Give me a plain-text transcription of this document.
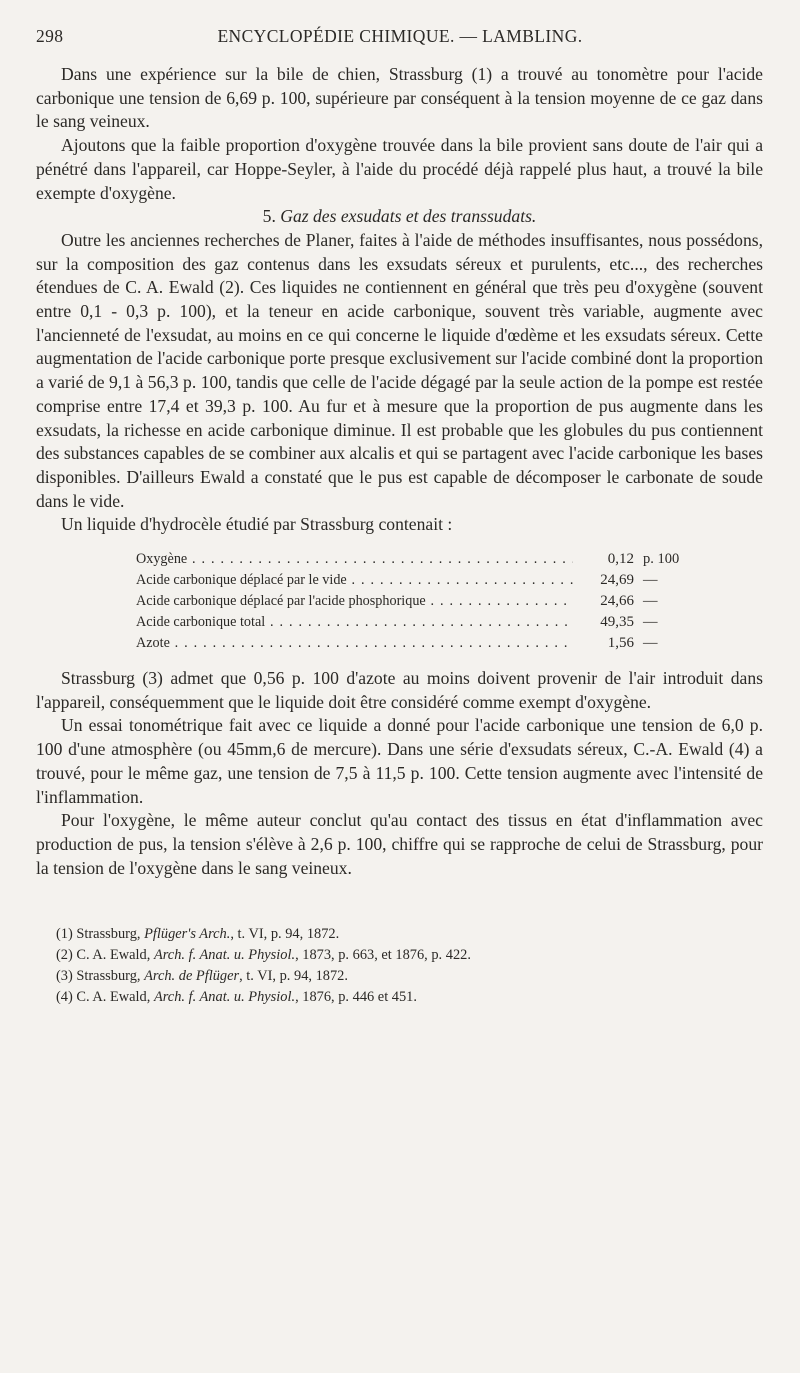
298	ENCYCLOPÉDIE CHIMIQUE. — LAMBLING.

Dans une expérience sur la bile de chien, Strassburg (1) a trouvé au tonomètre pour l'acide carbonique une tension de 6,69 p. 100, supérieure par conséquent à la tension moyenne de ce gaz dans le sang veineux.

Ajoutons que la faible proportion d'oxygène trouvée dans la bile provient sans doute de l'air qui a pénétré dans l'appareil, car Hoppe-Seyler, à l'aide du procédé déjà rappelé plus haut, a trouvé la bile exempte d'oxygène.

5. Gaz des exsudats et des transsudats.

Outre les anciennes recherches de Planer, faites à l'aide de méthodes insuffisantes, nous possédons, sur la composition des gaz contenus dans les exsudats séreux et purulents, etc..., des recherches étendues de C. A. Ewald (2). Ces liquides ne contiennent en général que très peu d'oxygène (souvent entre 0,1 - 0,3 p. 100), et la teneur en acide carbonique, souvent très variable, augmente avec l'ancienneté de l'exsudat, au moins en ce qui concerne le liquide d'œdème et les exsudats séreux. Cette augmentation de l'acide carbonique porte presque exclusivement sur l'acide combiné dont la proportion a varié de 9,1 à 56,3 p. 100, tandis que celle de l'acide dégagé par la seule action de la pompe est restée comprise entre 17,4 et 39,3 p. 100. Au fur et à mesure que la proportion de pus augmente dans les exsudats, la richesse en acide carbonique diminue. Il est probable que les globules du pus contiennent des substances capables de se combiner aux alcalis et qui se partagent avec l'acide carbonique les bases disponibles. D'ailleurs Ewald a constaté que le pus est capable de décomposer le carbonate de soude dans le vide.

Un liquide d'hydrocèle étudié par Strassburg contenait :

Oxygène . . .	0,12 p. 100
Acide carbonique déplacé par le vide . . .	24,69 —
Acide carbonique déplacé par l'acide phosphorique . . .	24,66 —
Acide carbonique total . . .	49,35 —
Azote . . .	1,56 —

Strassburg (3) admet que 0,56 p. 100 d'azote au moins doivent provenir de l'air introduit dans l'appareil, conséquemment que le liquide doit être considéré comme exempt d'oxygène.

Un essai tonométrique fait avec ce liquide a donné pour l'acide carbonique une tension de 6,0 p. 100 d'une atmosphère (ou 45mm,6 de mercure). Dans une série d'exsudats séreux, C.-A. Ewald (4) a trouvé, pour le même gaz, une tension de 7,5 à 11,5 p. 100. Cette tension augmente avec l'intensité de l'inflammation.

Pour l'oxygène, le même auteur conclut qu'au contact des tissus en état d'inflammation avec production de pus, la tension s'élève à 2,6 p. 100, chiffre qui se rapproche de celui de Strassburg, pour la tension de l'oxygène dans le sang veineux.

(1) Strassburg, Pflüger's Arch., t. VI, p. 94, 1872.
(2) C. A. Ewald, Arch. f. Anat. u. Physiol., 1873, p. 663, et 1876, p. 422.
(3) Strassburg, Arch. de Pflüger, t. VI, p. 94, 1872.
(4) C. A. Ewald, Arch. f. Anat. u. Physiol., 1876, p. 446 et 451.
